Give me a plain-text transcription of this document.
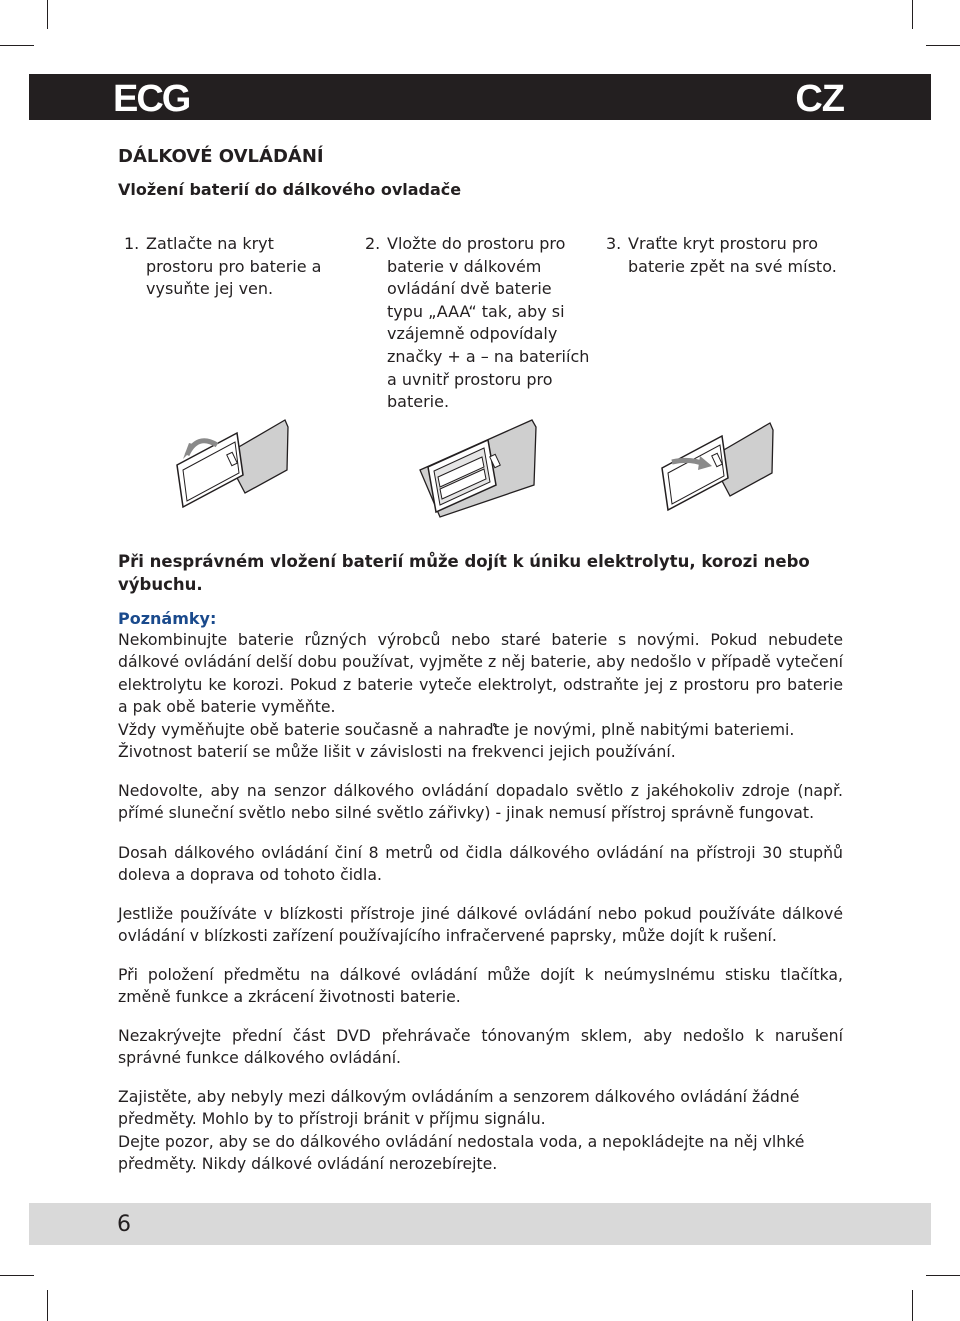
ECG	CZ
DÁLKOVÉ OVLÁDÁNÍ
Vložení baterií do dálkového ovladače
1. Zatlačte na kryt prostoru pro baterie a vysuňte jej ven.
2. Vložte do prostoru pro baterie v dálkovém ovládání dvě baterie typu „AAA“ tak, aby si vzájemně odpovídaly značky + a – na bateriích a uvnitř prostoru pro baterie.
3. Vraťte kryt prostoru pro baterie zpět na své místo.

Při nesprávném vložení baterií může dojít k úniku elektrolytu, korozi nebo výbuchu.

Poznámky:

Nekombinujte baterie různých výrobců nebo staré baterie s novými. Pokud nebudete dálkové ovládání delší dobu používat, vyjměte z něj baterie, aby nedošlo v případě vytečení elektrolytu ke korozi. Pokud z baterie vyteče elektrolyt, odstraňte jej z prostoru pro baterie a pak obě baterie vyměňte.
Vždy vyměňujte obě baterie současně a nahraďte je novými, plně nabitými bateriemi.
Životnost baterií se může lišit v závislosti na frekvenci jejich používání.

Nedovolte, aby na senzor dálkového ovládání dopadalo světlo z jakéhokoliv zdroje (např. přímé sluneční světlo nebo silné světlo zářivky) - jinak nemusí přístroj správně fungovat.

Dosah dálkového ovládání činí 8 metrů od čidla dálkového ovládání na přístroji 30 stupňů doleva a doprava od tohoto čidla.

Jestliže používáte v blízkosti přístroje jiné dálkové ovládání nebo pokud používáte dálkové ovládání v blízkosti zařízení používajícího infračervené paprsky, může dojít k rušení.

Při položení předmětu na dálkové ovládání může dojít k neúmyslnému stisku tlačítka, změně funkce a zkrácení životnosti baterie.

Nezakrývejte přední část DVD přehrávače tónovaným sklem, aby nedošlo k narušení správné funkce dálkového ovládání.

Zajistěte, aby nebyly mezi dálkovým ovládáním a senzorem dálkového ovládání žádné předměty. Mohlo by to přístroji bránit v příjmu signálu.
Dejte pozor, aby se do dálkového ovládání nedostala voda, a nepokládejte na něj vlhké předměty. Nikdy dálkové ovládání nerozebírejte.

6
